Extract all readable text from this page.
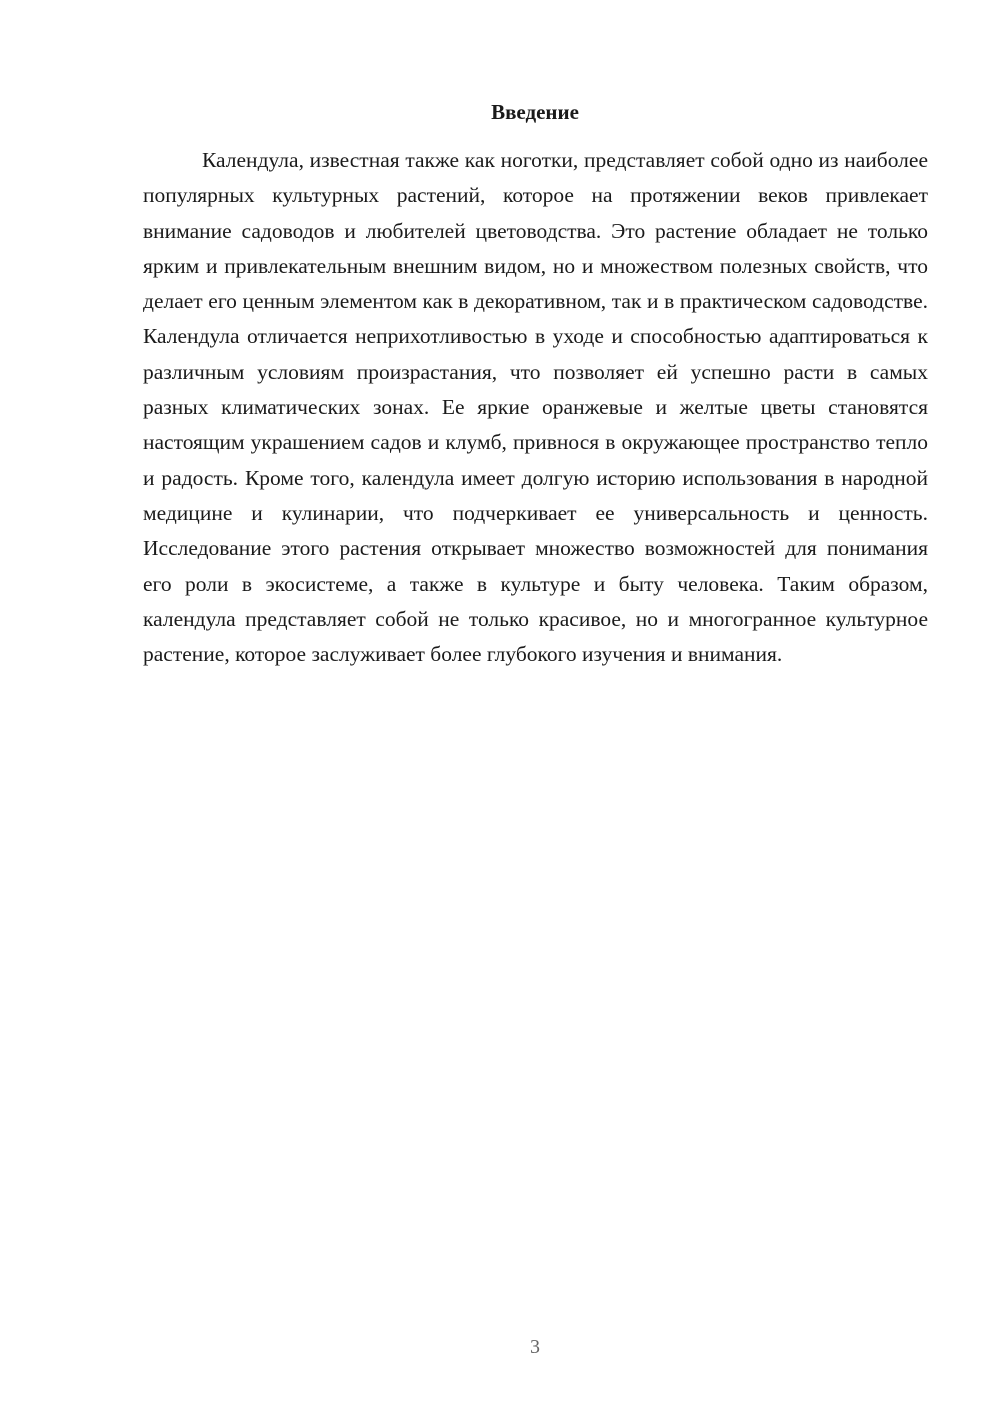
Введение

Календула, известная также как ноготки, представляет собой одно из наиболее популярных культурных растений, которое на протяжении веков привлекает внимание садоводов и любителей цветоводства. Это растение обладает не только ярким и привлекательным внешним видом, но и множеством полезных свойств, что делает его ценным элементом как в декоративном, так и в практическом садоводстве. Календула отличается неприхотливостью в уходе и способностью адаптироваться к различным условиям произрастания, что позволяет ей успешно расти в самых разных климатических зонах. Ее яркие оранжевые и желтые цветы становятся настоящим украшением садов и клумб, привнося в окружающее пространство тепло и радость. Кроме того, календула имеет долгую историю использования в народной медицине и кулинарии, что подчеркивает ее универсальность и ценность. Исследование этого растения открывает множество возможностей для понимания его роли в экосистеме, а также в культуре и быту человека. Таким образом, календула представляет собой не только красивое, но и многогранное культурное растение, которое заслуживает более глубокого изучения и внимания.

3
